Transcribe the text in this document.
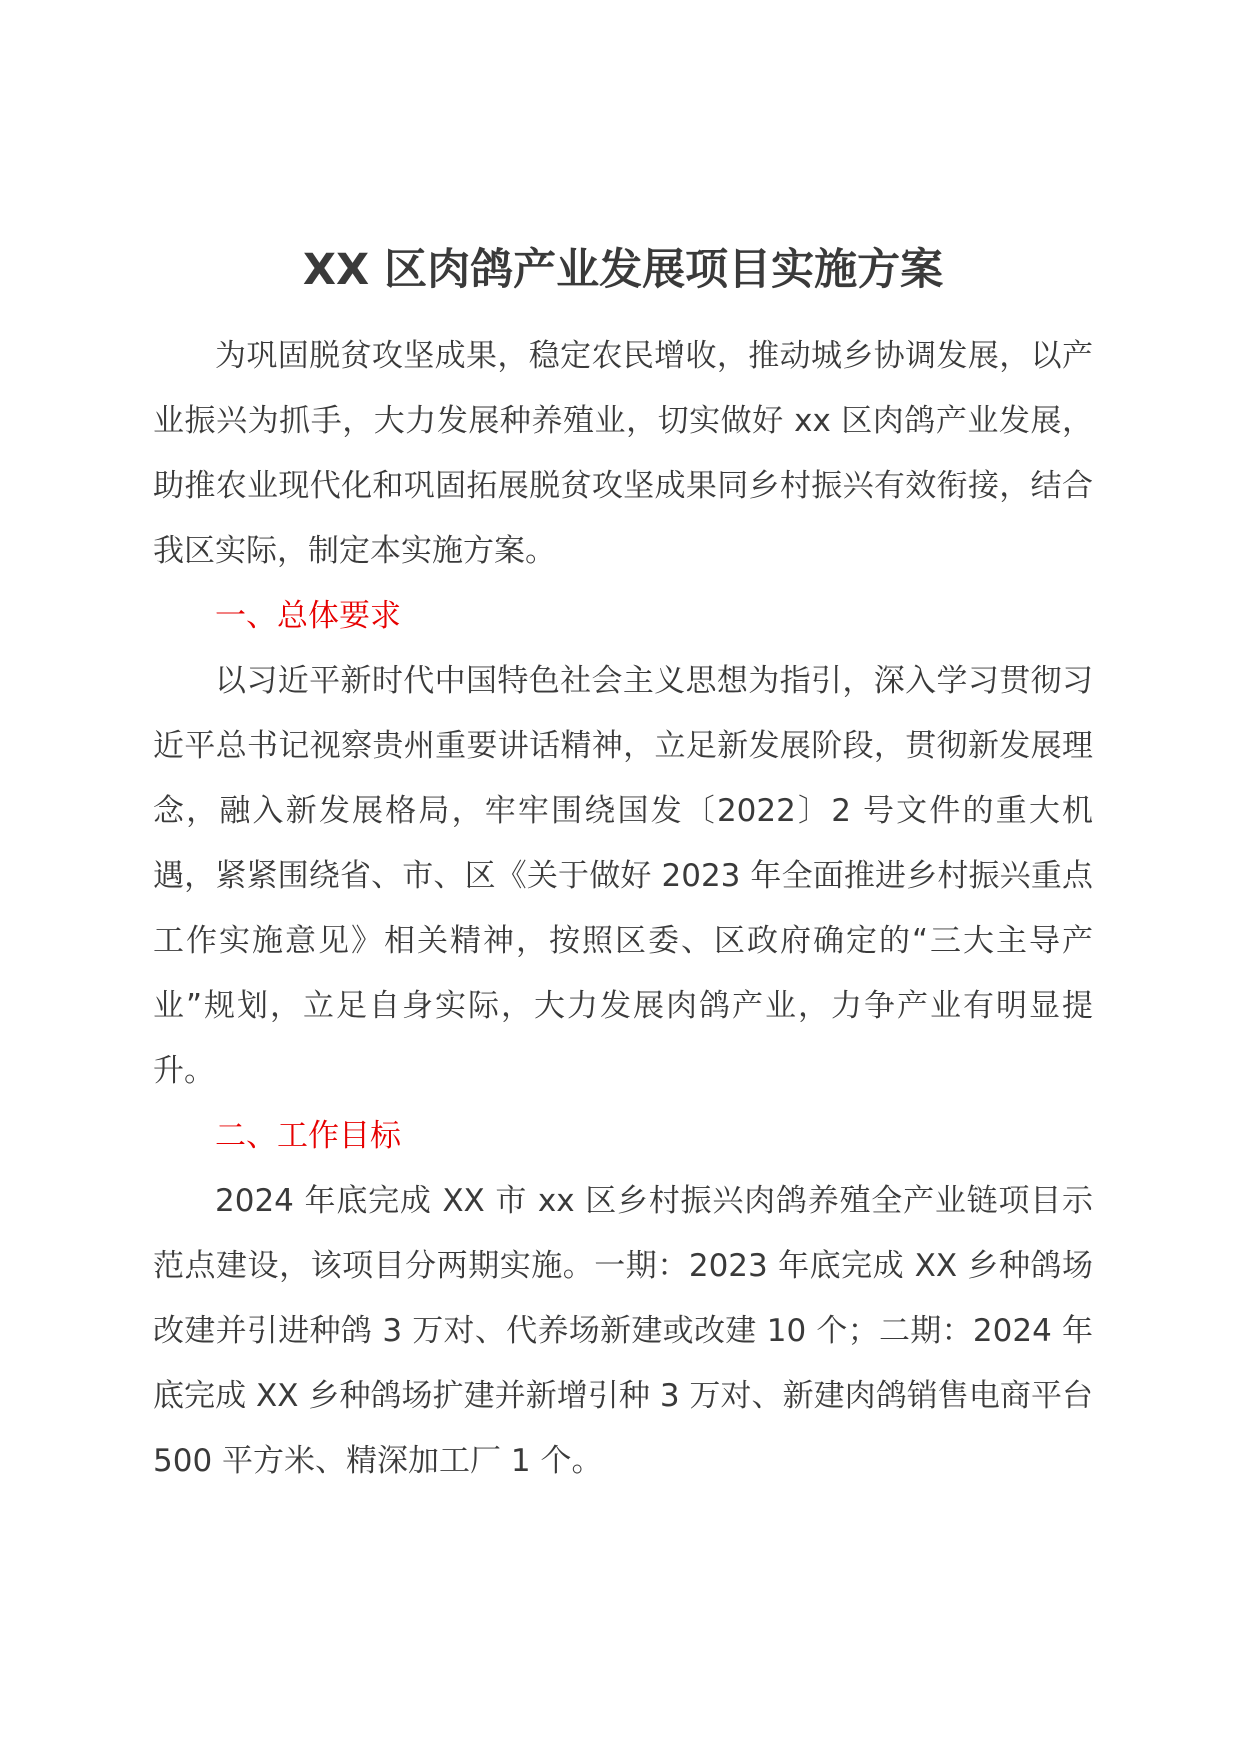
XX 区肉鸽产业发展项目实施方案

为巩固脱贫攻坚成果，稳定农民增收，推动城乡协调发展，以产业振兴为抓手，大力发展种养殖业，切实做好 xx 区肉鸽产业发展，助推农业现代化和巩固拓展脱贫攻坚成果同乡村振兴有效衔接，结合我区实际，制定本实施方案。

一、总体要求

以习近平新时代中国特色社会主义思想为指引，深入学习贯彻习近平总书记视察贵州重要讲话精神，立足新发展阶段，贯彻新发展理念，融入新发展格局，牢牢围绕国发〔2022〕2 号文件的重大机遇，紧紧围绕省、市、区《关于做好 2023 年全面推进乡村振兴重点工作实施意见》相关精神，按照区委、区政府确定的“三大主导产业”规划，立足自身实际，大力发展肉鸽产业，力争产业有明显提升。

二、工作目标

2024 年底完成 XX 市 xx 区乡村振兴肉鸽养殖全产业链项目示范点建设，该项目分两期实施。一期：2023 年底完成 XX 乡种鸽场改建并引进种鸽 3 万对、代养场新建或改建 10 个；二期：2024 年底完成 XX 乡种鸽场扩建并新增引种 3 万对、新建肉鸽销售电商平台 500 平方米、精深加工厂 1 个。
